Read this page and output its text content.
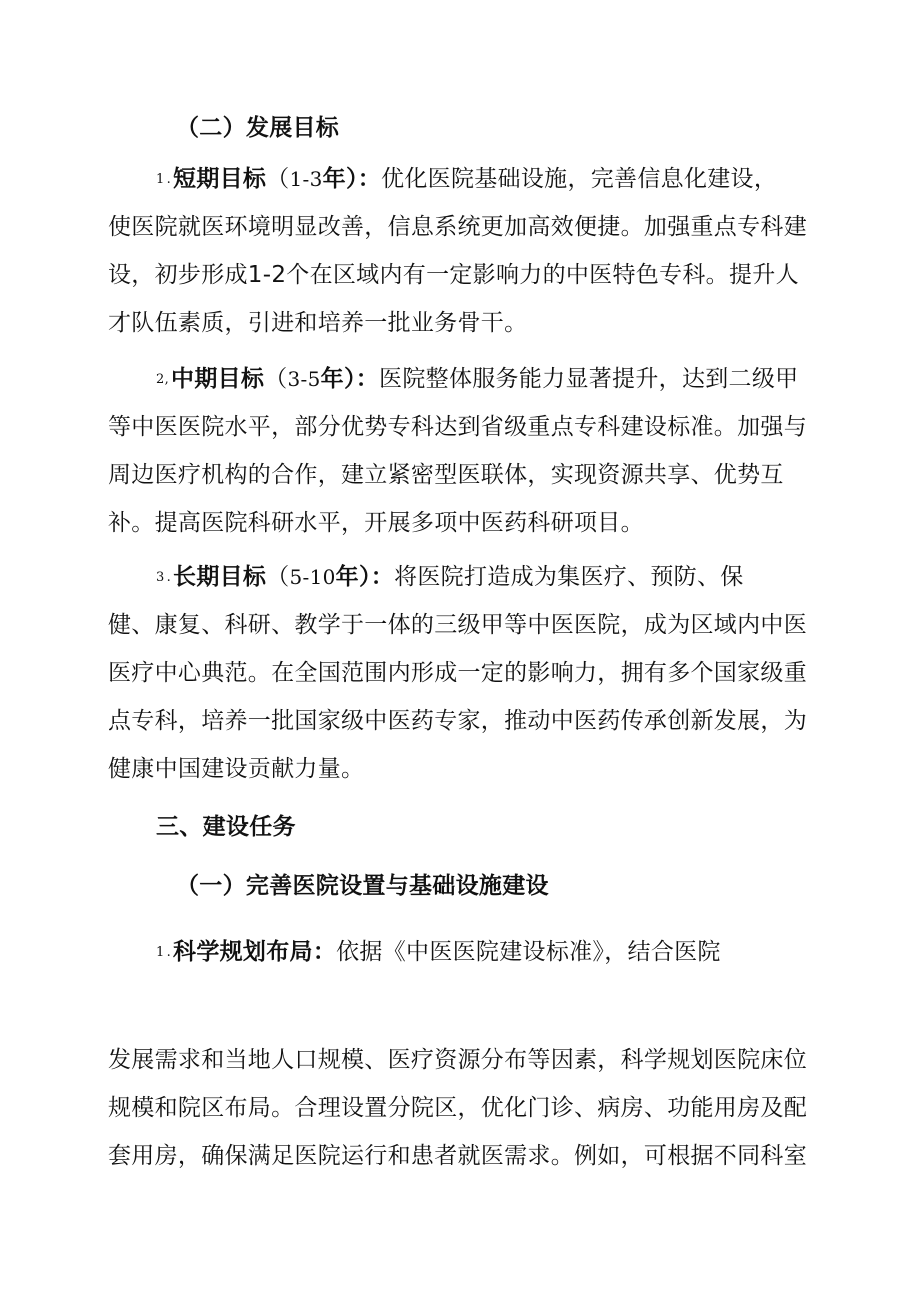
（二）发展目标
1 .短期目标（1-3年）：优化医院基础设施，完善信息化建设，
使医院就医环境明显改善，信息系统更加高效便捷。加强重点专科建
设，初步形成1-2个在区域内有一定影响力的中医特色专科。提升人
才队伍素质，引进和培养一批业务骨干。
2,中期目标（3-5年）：医院整体服务能力显著提升，达到二级甲
等中医医院水平，部分优势专科达到省级重点专科建设标准。加强与
周边医疗机构的合作，建立紧密型医联体，实现资源共享、优势互
补。提高医院科研水平，开展多项中医药科研项目。
3 .长期目标（5-10年）：将医院打造成为集医疗、预防、保
健、康复、科研、教学于一体的三级甲等中医医院，成为区域内中医
医疗中心典范。在全国范围内形成一定的影响力，拥有多个国家级重
点专科，培养一批国家级中医药专家，推动中医药传承创新发展，为
健康中国建设贡献力量。
三、建设任务
（一）完善医院设置与基础设施建设
1 .科学规划布局：依据《中医医院建设标准》，结合医院
发展需求和当地人口规模、医疗资源分布等因素，科学规划医院床位
规模和院区布局。合理设置分院区，优化门诊、病房、功能用房及配
套用房，确保满足医院运行和患者就医需求。例如，可根据不同科室
